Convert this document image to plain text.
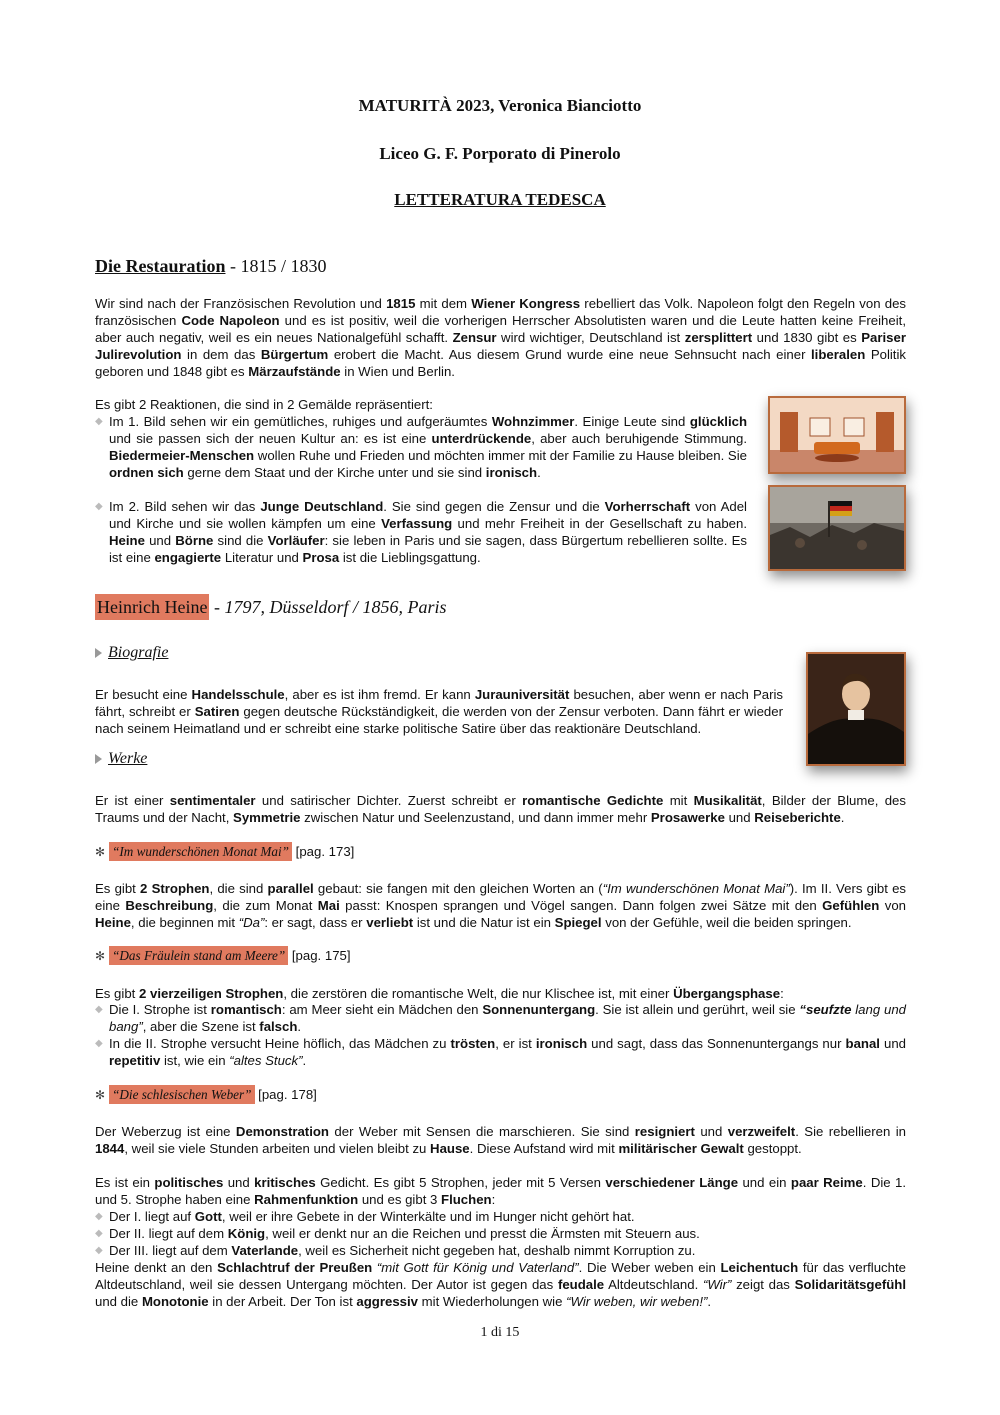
MATURITÀ 2023, Veronica Bianciotto
Liceo G. F. Porporato di Pinerolo
LETTERATURA TEDESCA
Die Restauration - 1815 / 1830
Wir sind nach der Französischen Revolution und 1815 mit dem Wiener Kongress rebelliert das Volk. Napoleon folgt den Regeln von des französischen Code Napoleon und es ist positiv, weil die vorherigen Herrscher Absolutisten waren und die Leute hatten keine Freiheit, aber auch negativ, weil es ein neues Nationalgefühl schafft. Zensur wird wichtiger, Deutschland ist zersplittert und 1830 gibt es Pariser Julirevolution in dem das Bürgertum erobert die Macht. Aus diesem Grund wurde eine neue Sehnsucht nach einer liberalen Politik geboren und 1848 gibt es Märzaufstände in Wien und Berlin.
Es gibt 2 Reaktionen, die sind in 2 Gemälde repräsentiert:
◆ Im 1. Bild sehen wir ein gemütliches, ruhiges und aufgeräumtes Wohnzimmer. Einige Leute sind glücklich und sie passen sich der neuen Kultur an: es ist eine unterdrückende, aber auch beruhigende Stimmung. Biedermeier-Menschen wollen Ruhe und Frieden und möchten immer mit der Familie zu Hause bleiben. Sie ordnen sich gerne dem Staat und der Kirche unter und sie sind ironisch.
◆ Im 2. Bild sehen wir das Junge Deutschland. Sie sind gegen die Zensur und die Vorherrschaft von Adel und Kirche und sie wollen kämpfen um eine Verfassung und mehr Freiheit in der Gesellschaft zu haben. Heine und Börne sind die Vorläufer: sie leben in Paris und sie sagen, dass Bürgertum rebellieren sollte. Es ist eine engagierte Literatur und Prosa ist die Lieblingsgattung.
Heinrich Heine - 1797, Düsseldorf / 1856, Paris
Biografie
Er besucht eine Handelsschule, aber es ist ihm fremd. Er kann Jurauniversität besuchen, aber wenn er nach Paris fährt, schreibt er Satiren gegen deutsche Rückständigkeit, die werden von der Zensur verboten. Dann fährt er wieder nach seinem Heimatland und er schreibt eine starke politische Satire über das reaktionäre Deutschland.
Werke
Er ist einer sentimentaler und satirischer Dichter. Zuerst schreibt er romantische Gedichte mit Musikalität, Bilder der Blume, des Traums und der Nacht, Symmetrie zwischen Natur und Seelenzustand, und dann immer mehr Prosawerke und Reiseberichte.
✻ “Im wunderschönen Monat Mai” [pag. 173]
Es gibt 2 Strophen, die sind parallel gebaut: sie fangen mit den gleichen Worten an (“Im wunderschönen Monat Mai”). Im II. Vers gibt es eine Beschreibung, die zum Monat Mai passt: Knospen sprangen und Vögel sangen. Dann folgen zwei Sätze mit den Gefühlen von Heine, die beginnen mit “Da”: er sagt, dass er verliebt ist und die Natur ist ein Spiegel von der Gefühle, weil die beiden springen.
✻ “Das Fräulein stand am Meere” [pag. 175]
Es gibt 2 vierzeiligen Strophen, die zerstören die romantische Welt, die nur Klischee ist, mit einer Übergangsphase:
◆ Die I. Strophe ist romantisch: am Meer sieht ein Mädchen den Sonnenuntergang. Sie ist allein und gerührt, weil sie “seufzte lang und bang”, aber die Szene ist falsch.
◆ In die II. Strophe versucht Heine höflich, das Mädchen zu trösten, er ist ironisch und sagt, dass das Sonnenuntergangs nur banal und repetitiv ist, wie ein “altes Stuck”.
✻ “Die schlesischen Weber” [pag. 178]
Der Weberzug ist eine Demonstration der Weber mit Sensen die marschieren. Sie sind resigniert und verzweifelt. Sie rebellieren in 1844, weil sie viele Stunden arbeiten und vielen bleibt zu Hause. Diese Aufstand wird mit militärischer Gewalt gestoppt.
Es ist ein politisches und kritisches Gedicht. Es gibt 5 Strophen, jeder mit 5 Versen verschiedener Länge und ein paar Reime. Die 1. und 5. Strophe haben eine Rahmenfunktion und es gibt 3 Fluchen:
◆ Der I. liegt auf Gott, weil er ihre Gebete in der Winterkälte und im Hunger nicht gehört hat.
◆ Der II. liegt auf dem König, weil er denkt nur an die Reichen und presst die Ärmsten mit Steuern aus.
◆ Der III. liegt auf dem Vaterlande, weil es Sicherheit nicht gegeben hat, deshalb nimmt Korruption zu.
Heine denkt an den Schlachtruf der Preußen “mit Gott für König und Vaterland”. Die Weber weben ein Leichentuch für das verfluchte Altdeutschland, weil sie dessen Untergang möchten. Der Autor ist gegen das feudale Altdeutschland. “Wir” zeigt das Solidaritätsgefühl und die Monotonie in der Arbeit. Der Ton ist aggressiv mit Wiederholungen wie “Wir weben, wir weben!”.
1 di 15
